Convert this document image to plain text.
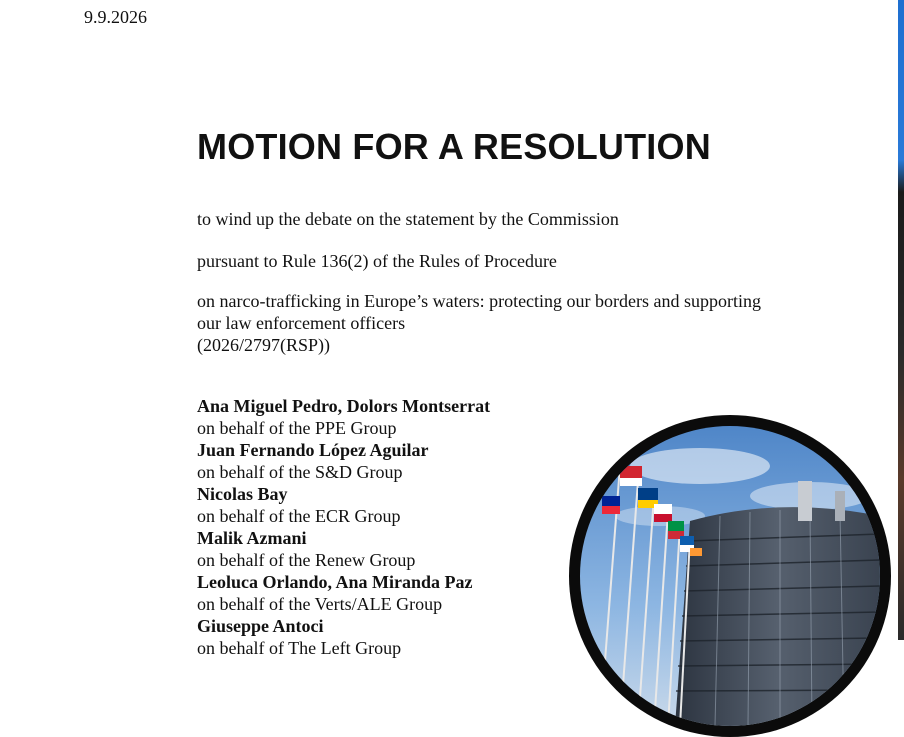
9.9.2026
MOTION FOR A RESOLUTION
to wind up the debate on the statement by the Commission
pursuant to Rule 136(2) of the Rules of Procedure
on narco-trafficking in Europe’s waters: protecting our borders and supporting
our law enforcement officers
(2026/2797(RSP))
Ana Miguel Pedro, Dolors Montserrat
on behalf of the PPE Group
Juan Fernando López Aguilar
on behalf of the S&D Group
Nicolas Bay
on behalf of the ECR Group
Malik Azmani
on behalf of the Renew Group
Leoluca Orlando, Ana Miranda Paz
on behalf of the Verts/ALE Group
Giuseppe Antoci
on behalf of The Left Group
